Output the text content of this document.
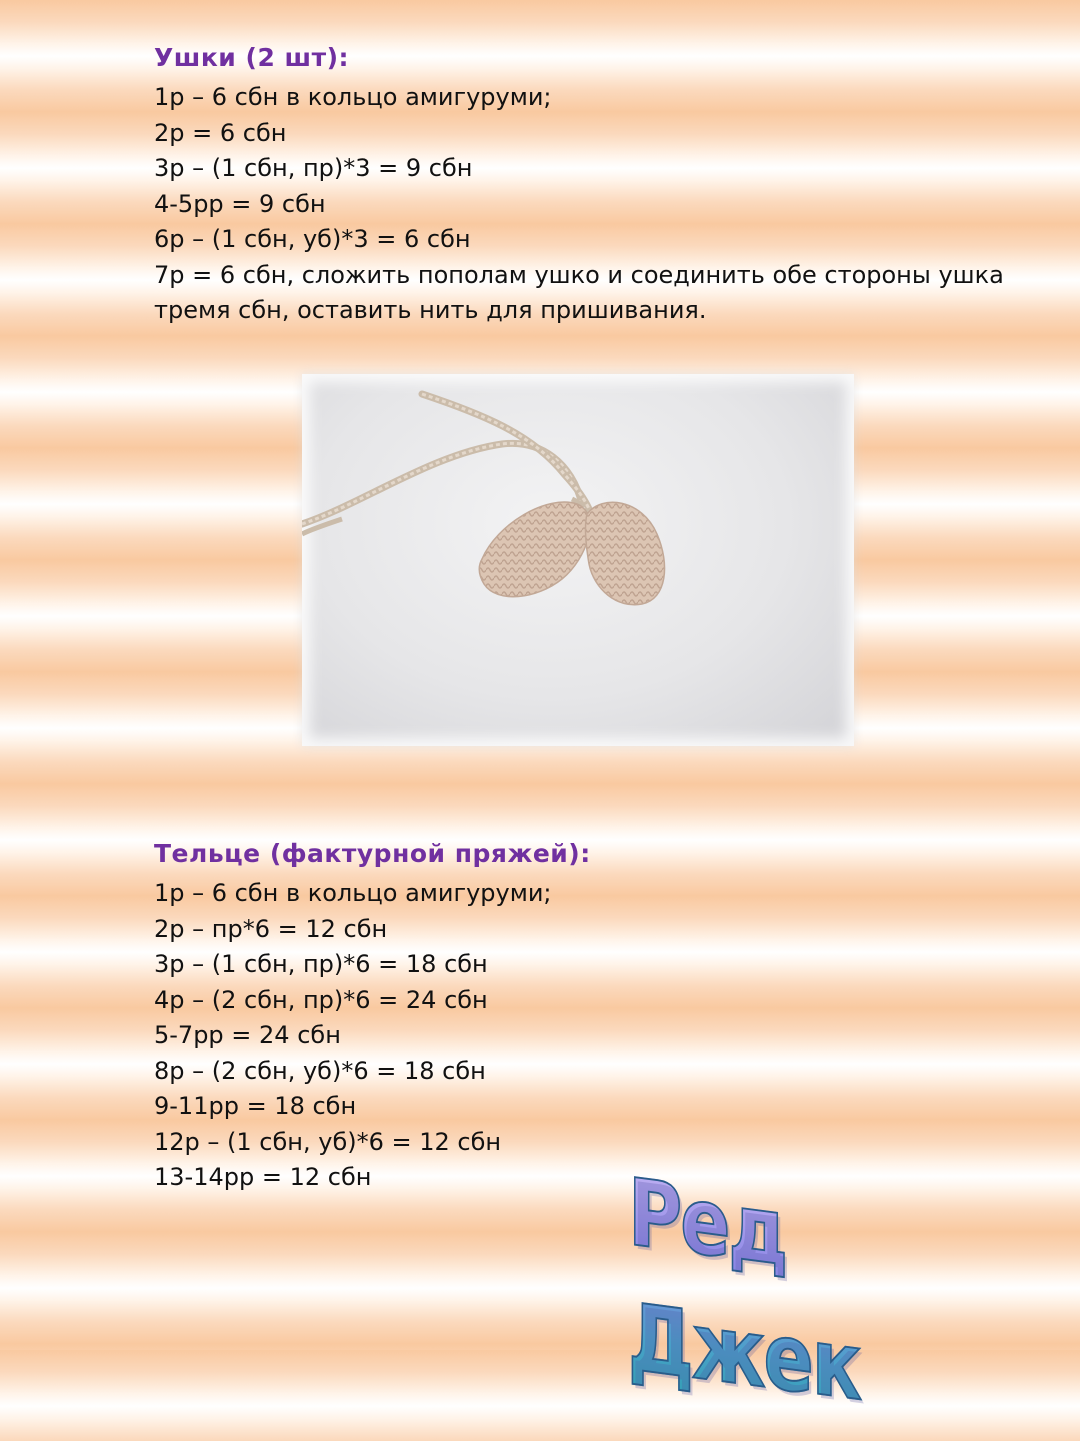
Ушки (2 шт):
1р – 6 сбн в кольцо амигуруми;
2р = 6 сбн
3р – (1 сбн, пр)*3 = 9 сбн
4-5рр = 9 сбн
6р – (1 сбн, уб)*3 = 6 сбн
7р = 6 сбн, сложить пополам ушко и соединить обе стороны ушка
тремя сбн, оставить нить для пришивания.
Тельце (фактурной пряжей):
1р – 6 сбн в кольцо амигуруми;
2р – пр*6 = 12 сбн
3р – (1 сбн, пр)*6 = 18 сбн
4р – (2 сбн, пр)*6 = 24 сбн
5-7рр = 24 сбн
8р – (2 сбн, уб)*6 = 18 сбн
9-11рр = 18 сбн
12р – (1 сбн, уб)*6 = 12 сбн
13-14рр = 12 сбн	Ред Джек
